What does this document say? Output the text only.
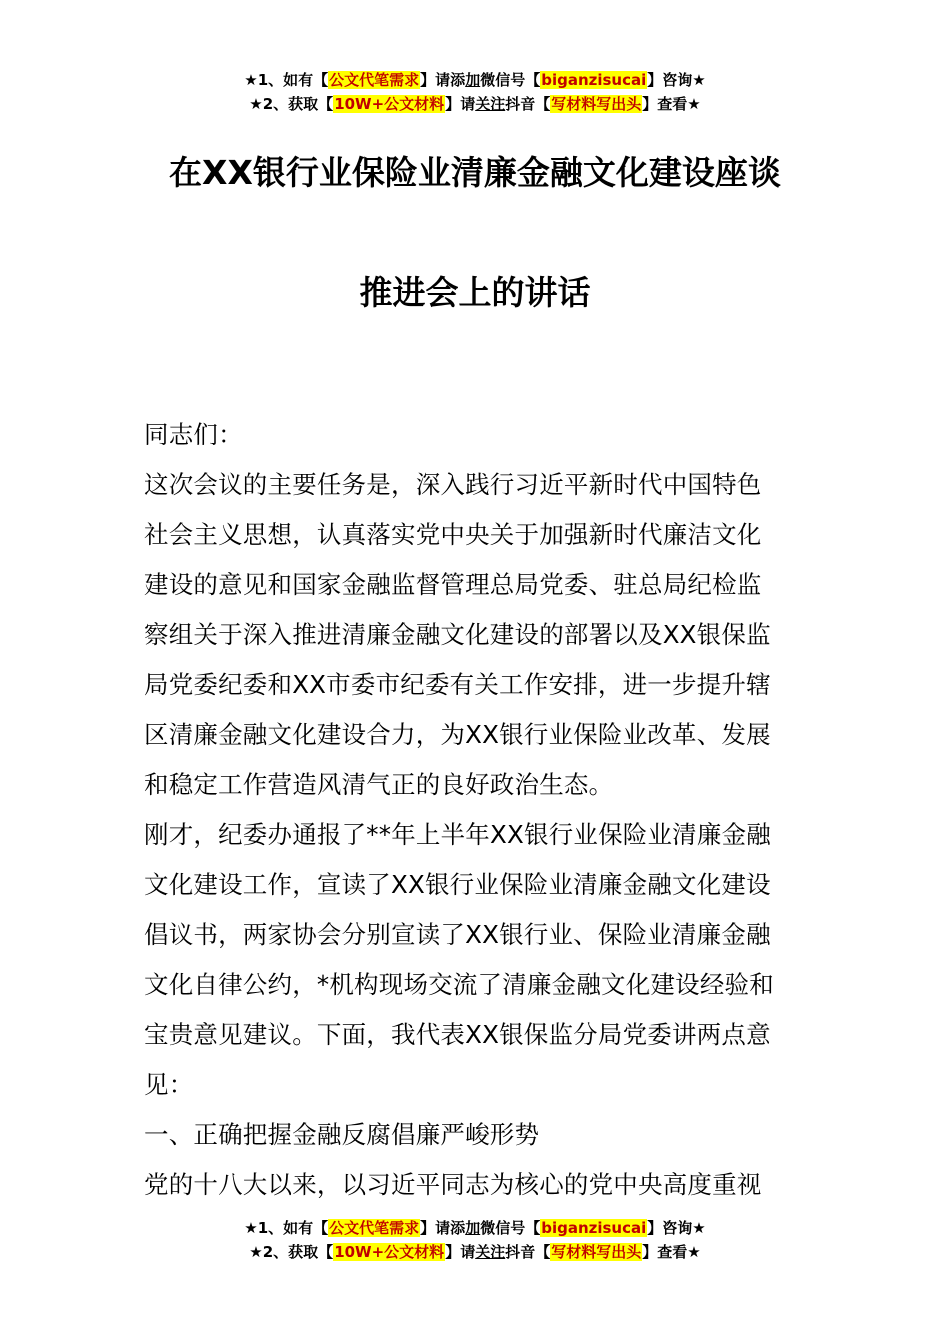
★1、如有【公文代笔需求】请添加微信号【biganzisucai】咨询★
★2、获取【10W+公文材料】请关注抖音【写材料写出头】查看★
在XX银行业保险业清廉金融文化建设座谈
推进会上的讲话

同志们：

这次会议的主要任务是，深入践行习近平新时代中国特色
社会主义思想，认真落实党中央关于加强新时代廉洁文化
建设的意见和国家金融监督管理总局党委、驻总局纪检监
察组关于深入推进清廉金融文化建设的部署以及XX银保监
局党委纪委和XX市委市纪委有关工作安排，进一步提升辖
区清廉金融文化建设合力，为XX银行业保险业改革、发展
和稳定工作营造风清气正的良好政治生态。

刚才，纪委办通报了**年上半年XX银行业保险业清廉金融
文化建设工作，宣读了XX银行业保险业清廉金融文化建设
倡议书，两家协会分别宣读了XX银行业、保险业清廉金融
文化自律公约，*机构现场交流了清廉金融文化建设经验和
宝贵意见建议。下面，我代表XX银保监分局党委讲两点意
见：

一、正确把握金融反腐倡廉严峻形势

党的十八大以来，以习近平同志为核心的党中央高度重视

★1、如有【公文代笔需求】请添加微信号【biganzisucai】咨询★
★2、获取【10W+公文材料】请关注抖音【写材料写出头】查看★
